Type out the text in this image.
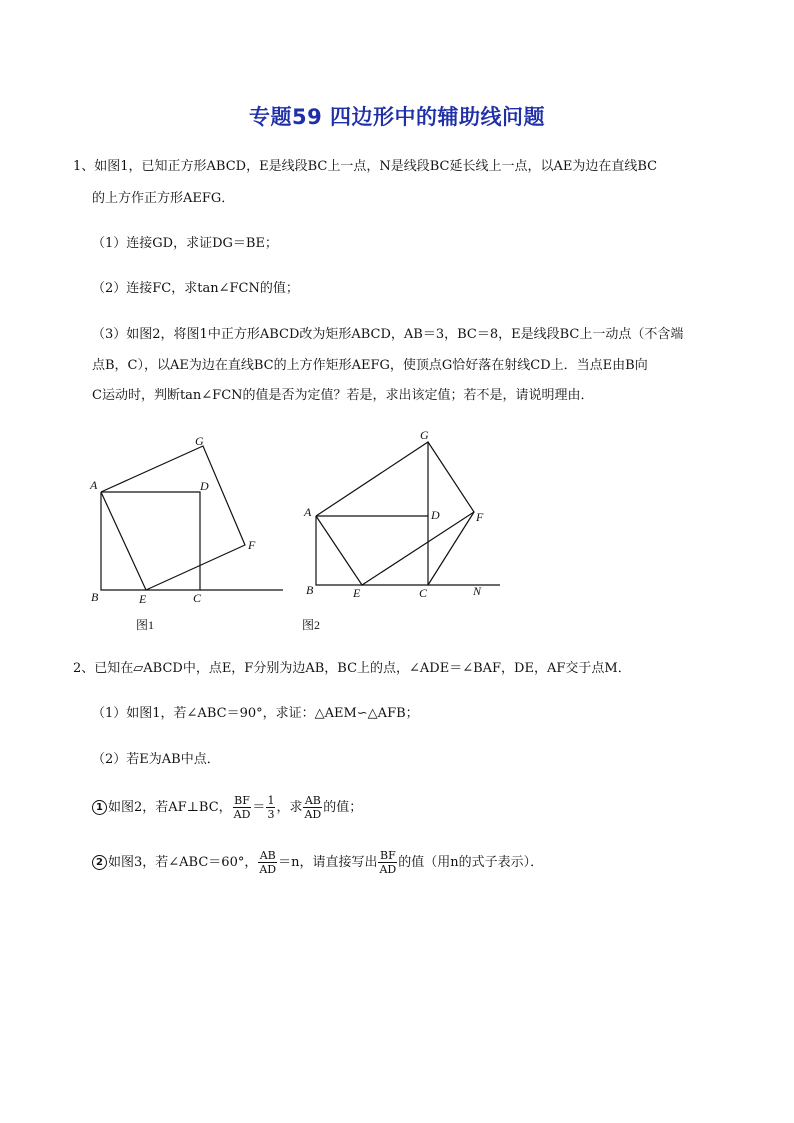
专题59 四边形中的辅助线问题
1、如图1，已知正方形ABCD，E是线段BC上一点，N是线段BC延长线上一点，以AE为边在直线BC
的上方作正方形AEFG．
（1）连接GD，求证DG＝BE；
（2）连接FC，求tan∠FCN的值；
（3）如图2，将图1中正方形ABCD改为矩形ABCD，AB＝3，BC＝8，E是线段BC上一动点（不含端
点B，C），以AE为边在直线BC的上方作矩形AEFG，使顶点G恰好落在射线CD上．当点E由B向
C运动时，判断tan∠FCN的值是否为定值？若是，求出该定值；若不是，请说明理由．
A
B	C
D
E
F
G
图1
A
B	C
D
E
F
G
N
图2
2、已知在▱ABCD中，点E，F分别为边AB，BC上的点，∠ADE＝∠BAF，DE，AF交于点M．
（1）如图1，若∠ABC＝90°，求证：△AEM∽△AFB；
（2）若E为AB中点．
1 如图2，若AF⊥BC， $\frac{BF}{AD} = \frac{1}{3}$ ，求 $\frac{AB}{AD}$ 的值；
2 如图3，若∠ABC＝60°， $\frac{AB}{AD} =n$，请直接写出 $\frac{BF}{AD}$ 的值（用n的式子表示）．
